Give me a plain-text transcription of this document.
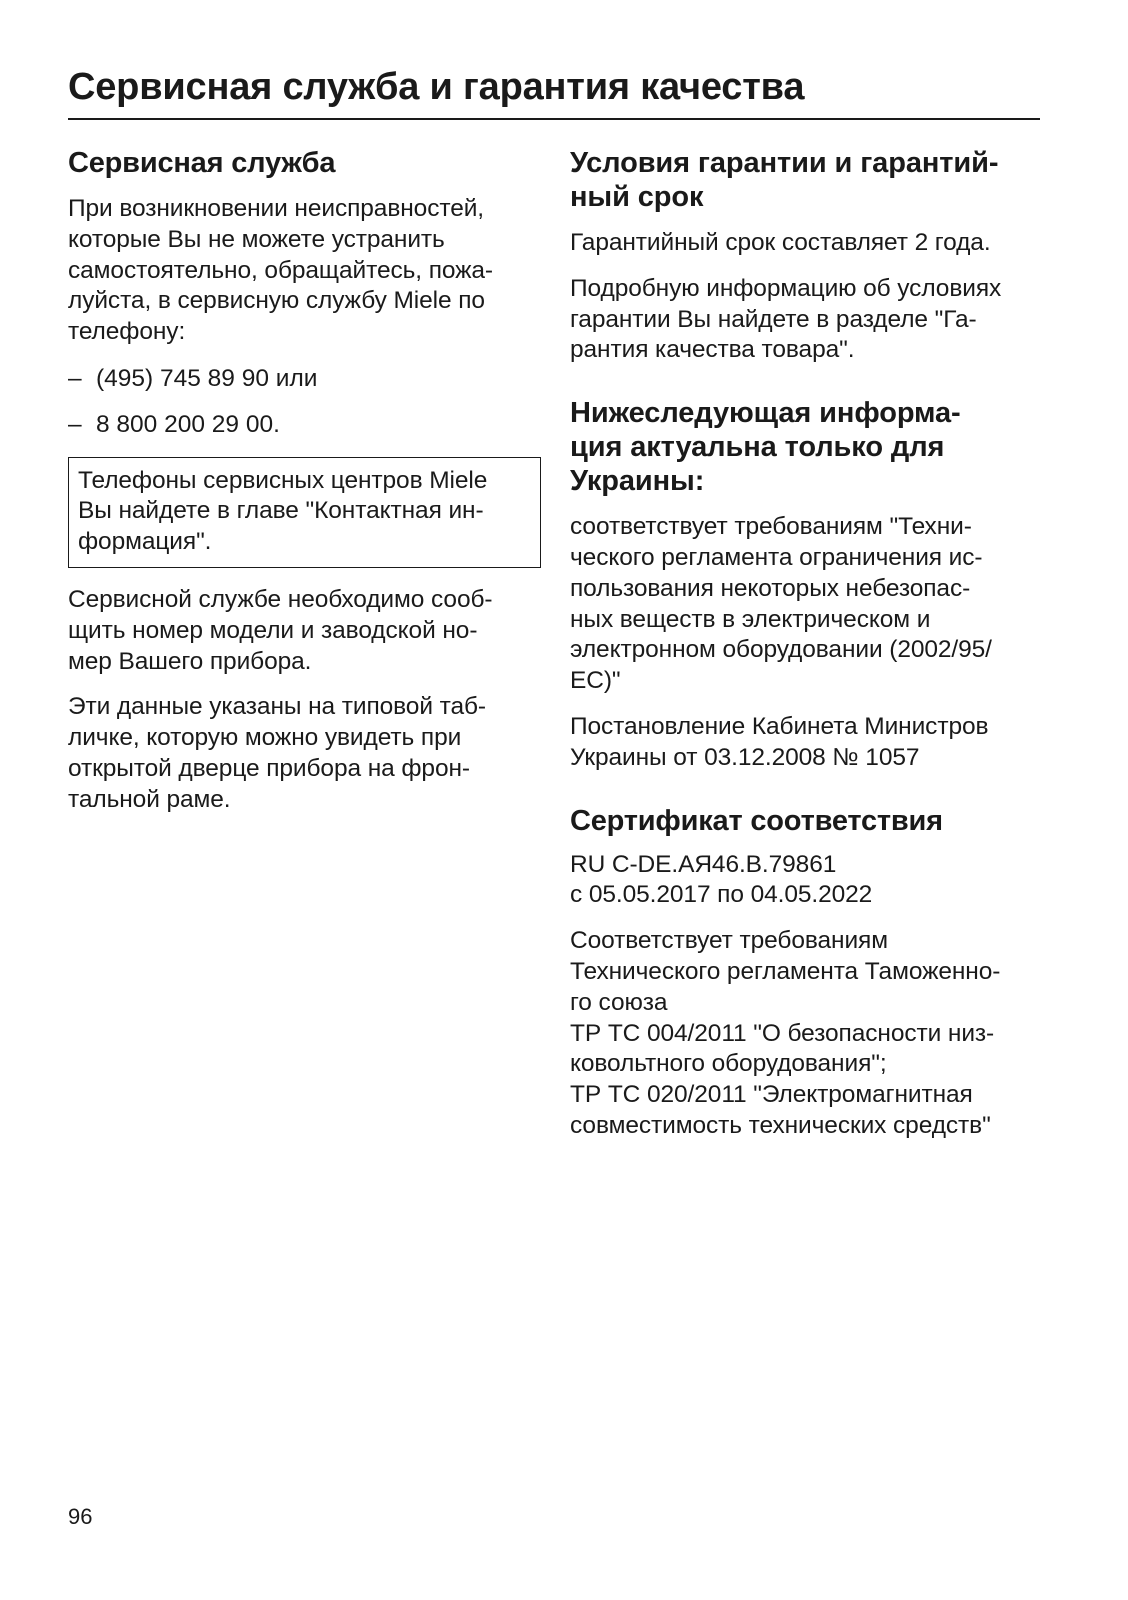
Сервисная служба и гарантия качества
Сервисная служба

При возникновении неисправностей,
которые Вы не можете устранить
самостоятельно, обращайтесь, пожа-
луйста, в сервисную службу Miele по
телефону:

– (495) 745 89 90 или
– 8 800 200 29 00.
Телефоны сервисных центров Miele
Вы найдете в главе "Контактная ин-
формация".

Сервисной службе необходимо сооб-
щить номер модели и заводской но-
мер Вашего прибора.

Эти данные указаны на типовой таб-
личке, которую можно увидеть при
открытой дверце прибора на фрон-
тальной раме.

Условия гарантии и гарантий-
ный срок

Гарантийный срок составляет 2 года.

Подробную информацию об условиях
гарантии Вы найдете в разделе "Га-
рантия качества товара".

Нижеследующая информа-
ция актуальна только для
Украины:

соответствует требованиям "Техни-
ческого регламента ограничения ис-
пользования некоторых небезопас-
ных веществ в электрическом и
электронном оборудовании (2002/95/
ЕС)"

Постановление Кабинета Министров
Украины от 03.12.2008 № 1057

Сертификат соответствия

RU C-DE.АЯ46.В.79861
с 05.05.2017 по 04.05.2022

Соответствует требованиям
Технического регламента Таможенно-
го союза
ТР ТС 004/2011 "О безопасности низ-
ковольтного оборудования";
ТР ТС 020/2011 "Электромагнитная
совместимость технических средств"

96
